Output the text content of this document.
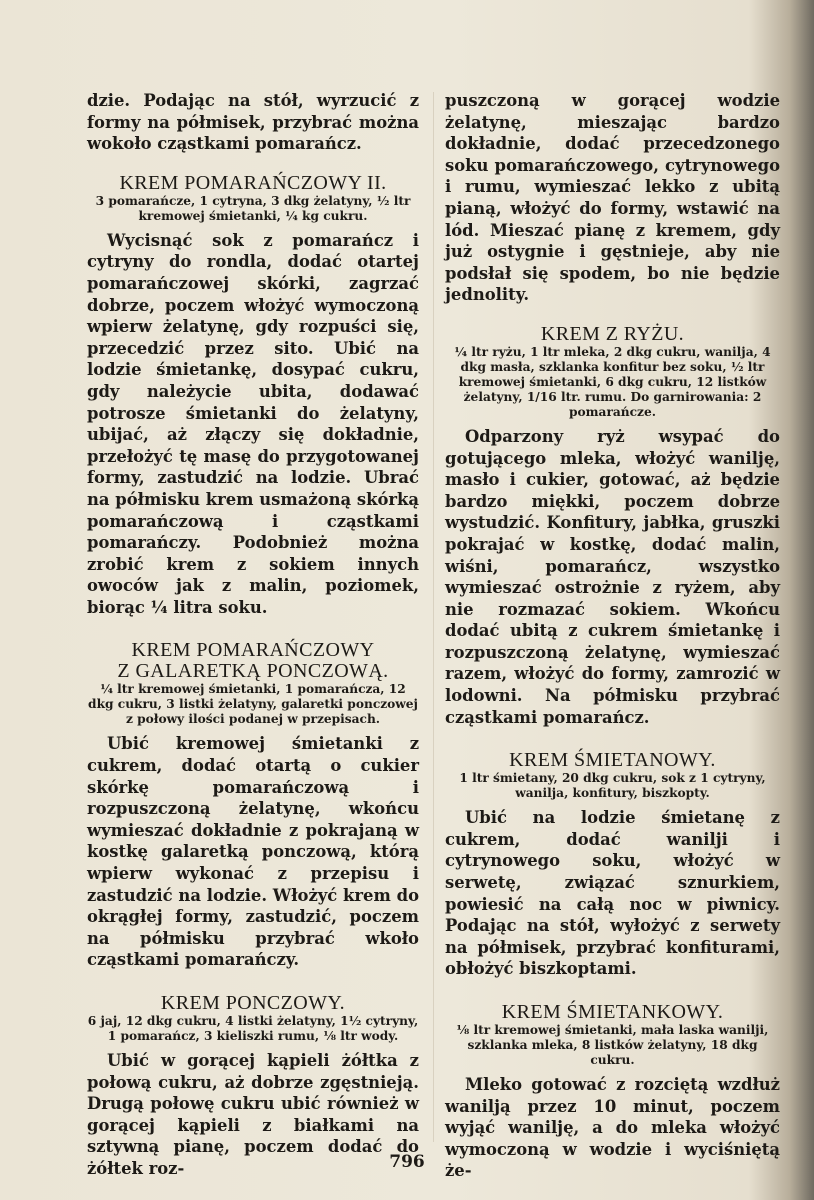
dzie. Podając na stół, wyrzucić z formy na półmisek, przybrać można wokoło cząstkami pomarańcz.

KREM POMARAŃCZOWY II.

3 pomarańcze, 1 cytryna, 3 dkg żelatyny, ½ ltr kremowej śmietanki, ¼ kg cukru.

Wycisnąć sok z pomarańcz i cytryny do rondla, dodać otartej pomarańczowej skórki, zagrzać dobrze, poczem włożyć wymoczoną wpierw żelatynę, gdy rozpuści się, przecedzić przez sito. Ubić na lodzie śmietankę, dosypać cukru, gdy należycie ubita, dodawać potrosze śmietanki do żelatyny, ubijać, aż złączy się dokładnie, przełożyć tę masę do przygotowanej formy, zastudzić na lodzie. Ubrać na półmisku krem usmażoną skórką pomarańczową i cząstkami pomarańczy. Podobnież można zrobić krem z sokiem innych owoców jak z malin, poziomek, biorąc ¼ litra soku.

KREM POMARAŃCZOWY
Z GALARETKĄ PONCZOWĄ.

¼ ltr kremowej śmietanki, 1 pomarańcza, 12 dkg cukru, 3 listki żelatyny, galaretki ponczowej z połowy ilości podanej w przepisach.

Ubić kremowej śmietanki z cukrem, dodać otartą o cukier skórkę pomarańczową i rozpuszczoną żelatynę, wkońcu wymieszać dokładnie z pokrajaną w kostkę galaretką ponczową, którą wpierw wykonać z przepisu i zastudzić na lodzie. Włożyć krem do okrągłej formy, zastudzić, poczem na półmisku przybrać wkoło cząstkami pomarańczy.

KREM PONCZOWY.

6 jaj, 12 dkg cukru, 4 listki żelatyny, 1½ cytryny, 1 pomarańcz, 3 kieliszki rumu, ⅛ ltr wody.

Ubić w gorącej kąpieli żółtka z połową cukru, aż dobrze zgęstnieją. Drugą połowę cukru ubić również w gorącej kąpieli z białkami na sztywną pianę, poczem dodać do żółtek roz-

puszczoną w gorącej wodzie żelatynę, mieszając bardzo dokładnie, dodać przecedzonego soku pomarańczowego, cytrynowego i rumu, wymieszać lekko z ubitą pianą, włożyć do formy, wstawić na lód. Mieszać pianę z kremem, gdy już ostygnie i gęstnieje, aby nie podsłał się spodem, bo nie będzie jednolity.

KREM Z RYŻU.

¼ ltr ryżu, 1 ltr mleka, 2 dkg cukru, wanilja, 4 dkg masła, szklanka konfitur bez soku, ½ ltr kremowej śmietanki, 6 dkg cukru, 12 listków żelatyny, 1/16 ltr. rumu. Do garnirowania: 2 pomarańcze.

Odparzony ryż wsypać do gotującego mleka, włożyć wanilję, masło i cukier, gotować, aż będzie bardzo miękki, poczem dobrze wystudzić. Konfitury, jabłka, gruszki pokrajać w kostkę, dodać malin, wiśni, pomarańcz, wszystko wymieszać ostrożnie z ryżem, aby nie rozmazać sokiem. Wkońcu dodać ubitą z cukrem śmietankę i rozpuszczoną żelatynę, wymieszać razem, włożyć do formy, zamrozić w lodowni. Na półmisku przybrać cząstkami pomarańcz.

KREM ŚMIETANOWY.

1 ltr śmietany, 20 dkg cukru, sok z 1 cytryny, wanilja, konfitury, biszkopty.

Ubić na lodzie śmietanę z cukrem, dodać wanilji i cytrynowego soku, włożyć w serwetę, związać sznurkiem, powiesić na całą noc w piwnicy. Podając na stół, wyłożyć z serwety na półmisek, przybrać konfiturami, obłożyć biszkoptami.

KREM ŚMIETANKOWY.

⅛ ltr kremowej śmietanki, mała laska wanilji, szklanka mleka, 8 listków żelatyny, 18 dkg cukru.

Mleko gotować z rozciętą wzdłuż wanilją przez 10 minut, poczem wyjąć wanilję, a do mleka włożyć wymoczoną w wodzie i wyciśniętą że-

796
